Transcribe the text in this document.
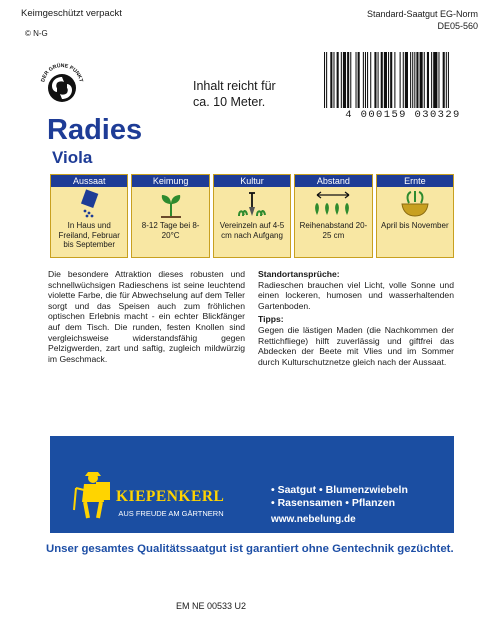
Keimgeschützt verpackt	Standard-Saatgut EG-Norm
DE05-560
© N-G
DER GRÜNE PUNKT	Inhalt reicht für
ca. 10 Meter.
4 000159 030329
Radies
Viola
Aussaat
In Haus und Freiland, Februar bis September
Keimung
8-12 Tage bei 8-20°C
Kultur
Vereinzeln auf 4-5 cm nach Aufgang
Abstand
Reihenabstand 20-25 cm
Ernte
April bis November
Die besondere Attraktion dieses robusten und schnellwüchsigen Radieschens ist seine leuchtend violette Farbe, die für Abwechselung auf dem Teller sorgt und das Speisen auch zum fröhlichen optischen Erlebnis macht - ein echter Blickfänger auf dem Tisch. Die runden, festen Knollen sind vergleichsweise widerstandsfähig gegen Pelzigwerden, zart und saftig, zugleich mildwürzig im Geschmack.
Standortansprüche:
Radieschen brauchen viel Licht, volle Sonne und einen lockeren, humosen und wasserhaltenden Gartenboden.
Tipps:
Gegen die lästigen Maden (die Nachkommen der Rettichfliege) hilft zuverlässig und giftfrei das Abdecken der Beete mit Vlies und im Sommer durch Kulturschutznetze gleich nach der Aussaat.
KIEPENKERL
AUS FREUDE AM GÄRTNERN
• Saatgut • Blumenzwiebeln
• Rasensamen • Pflanzen
www.nebelung.de
Unser gesamtes Qualitätssaatgut ist garantiert ohne Gentechnik gezüchtet.
EM NE 00533 U2
